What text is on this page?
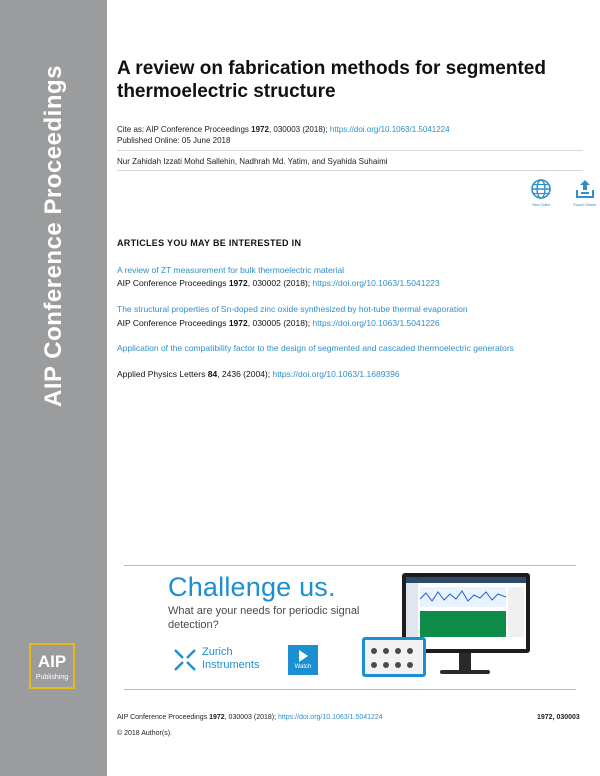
AIP Conference Proceedings
AIP
Publishing
A review on fabrication methods for segmented thermoelectric structure
Cite as: AIP Conference Proceedings 1972, 030003 (2018); https://doi.org/10.1063/1.5041224
Published Online: 05 June 2018
Nur Zahidah Izzati Mohd Sallehin, Nadhrah Md. Yatim, and Syahida Suhaimi
View Online	Export Citation
ARTICLES YOU MAY BE INTERESTED IN
A review of ZT measurement for bulk thermoelectric material
AIP Conference Proceedings 1972, 030002 (2018); https://doi.org/10.1063/1.5041223
The structural properties of Sn-doped zinc oxide synthesized by hot-tube thermal evaporation
AIP Conference Proceedings 1972, 030005 (2018); https://doi.org/10.1063/1.5041226
Application of the compatibility factor to the design of segmented and cascaded thermoelectric generators
Applied Physics Letters 84, 2436 (2004); https://doi.org/10.1063/1.1689396
Challenge us.
What are your needs for periodic signal detection?
Zurich Instruments	Watch
AIP Conference Proceedings 1972, 030003 (2018); https://doi.org/10.1063/1.5041224	1972, 030003
© 2018 Author(s).
